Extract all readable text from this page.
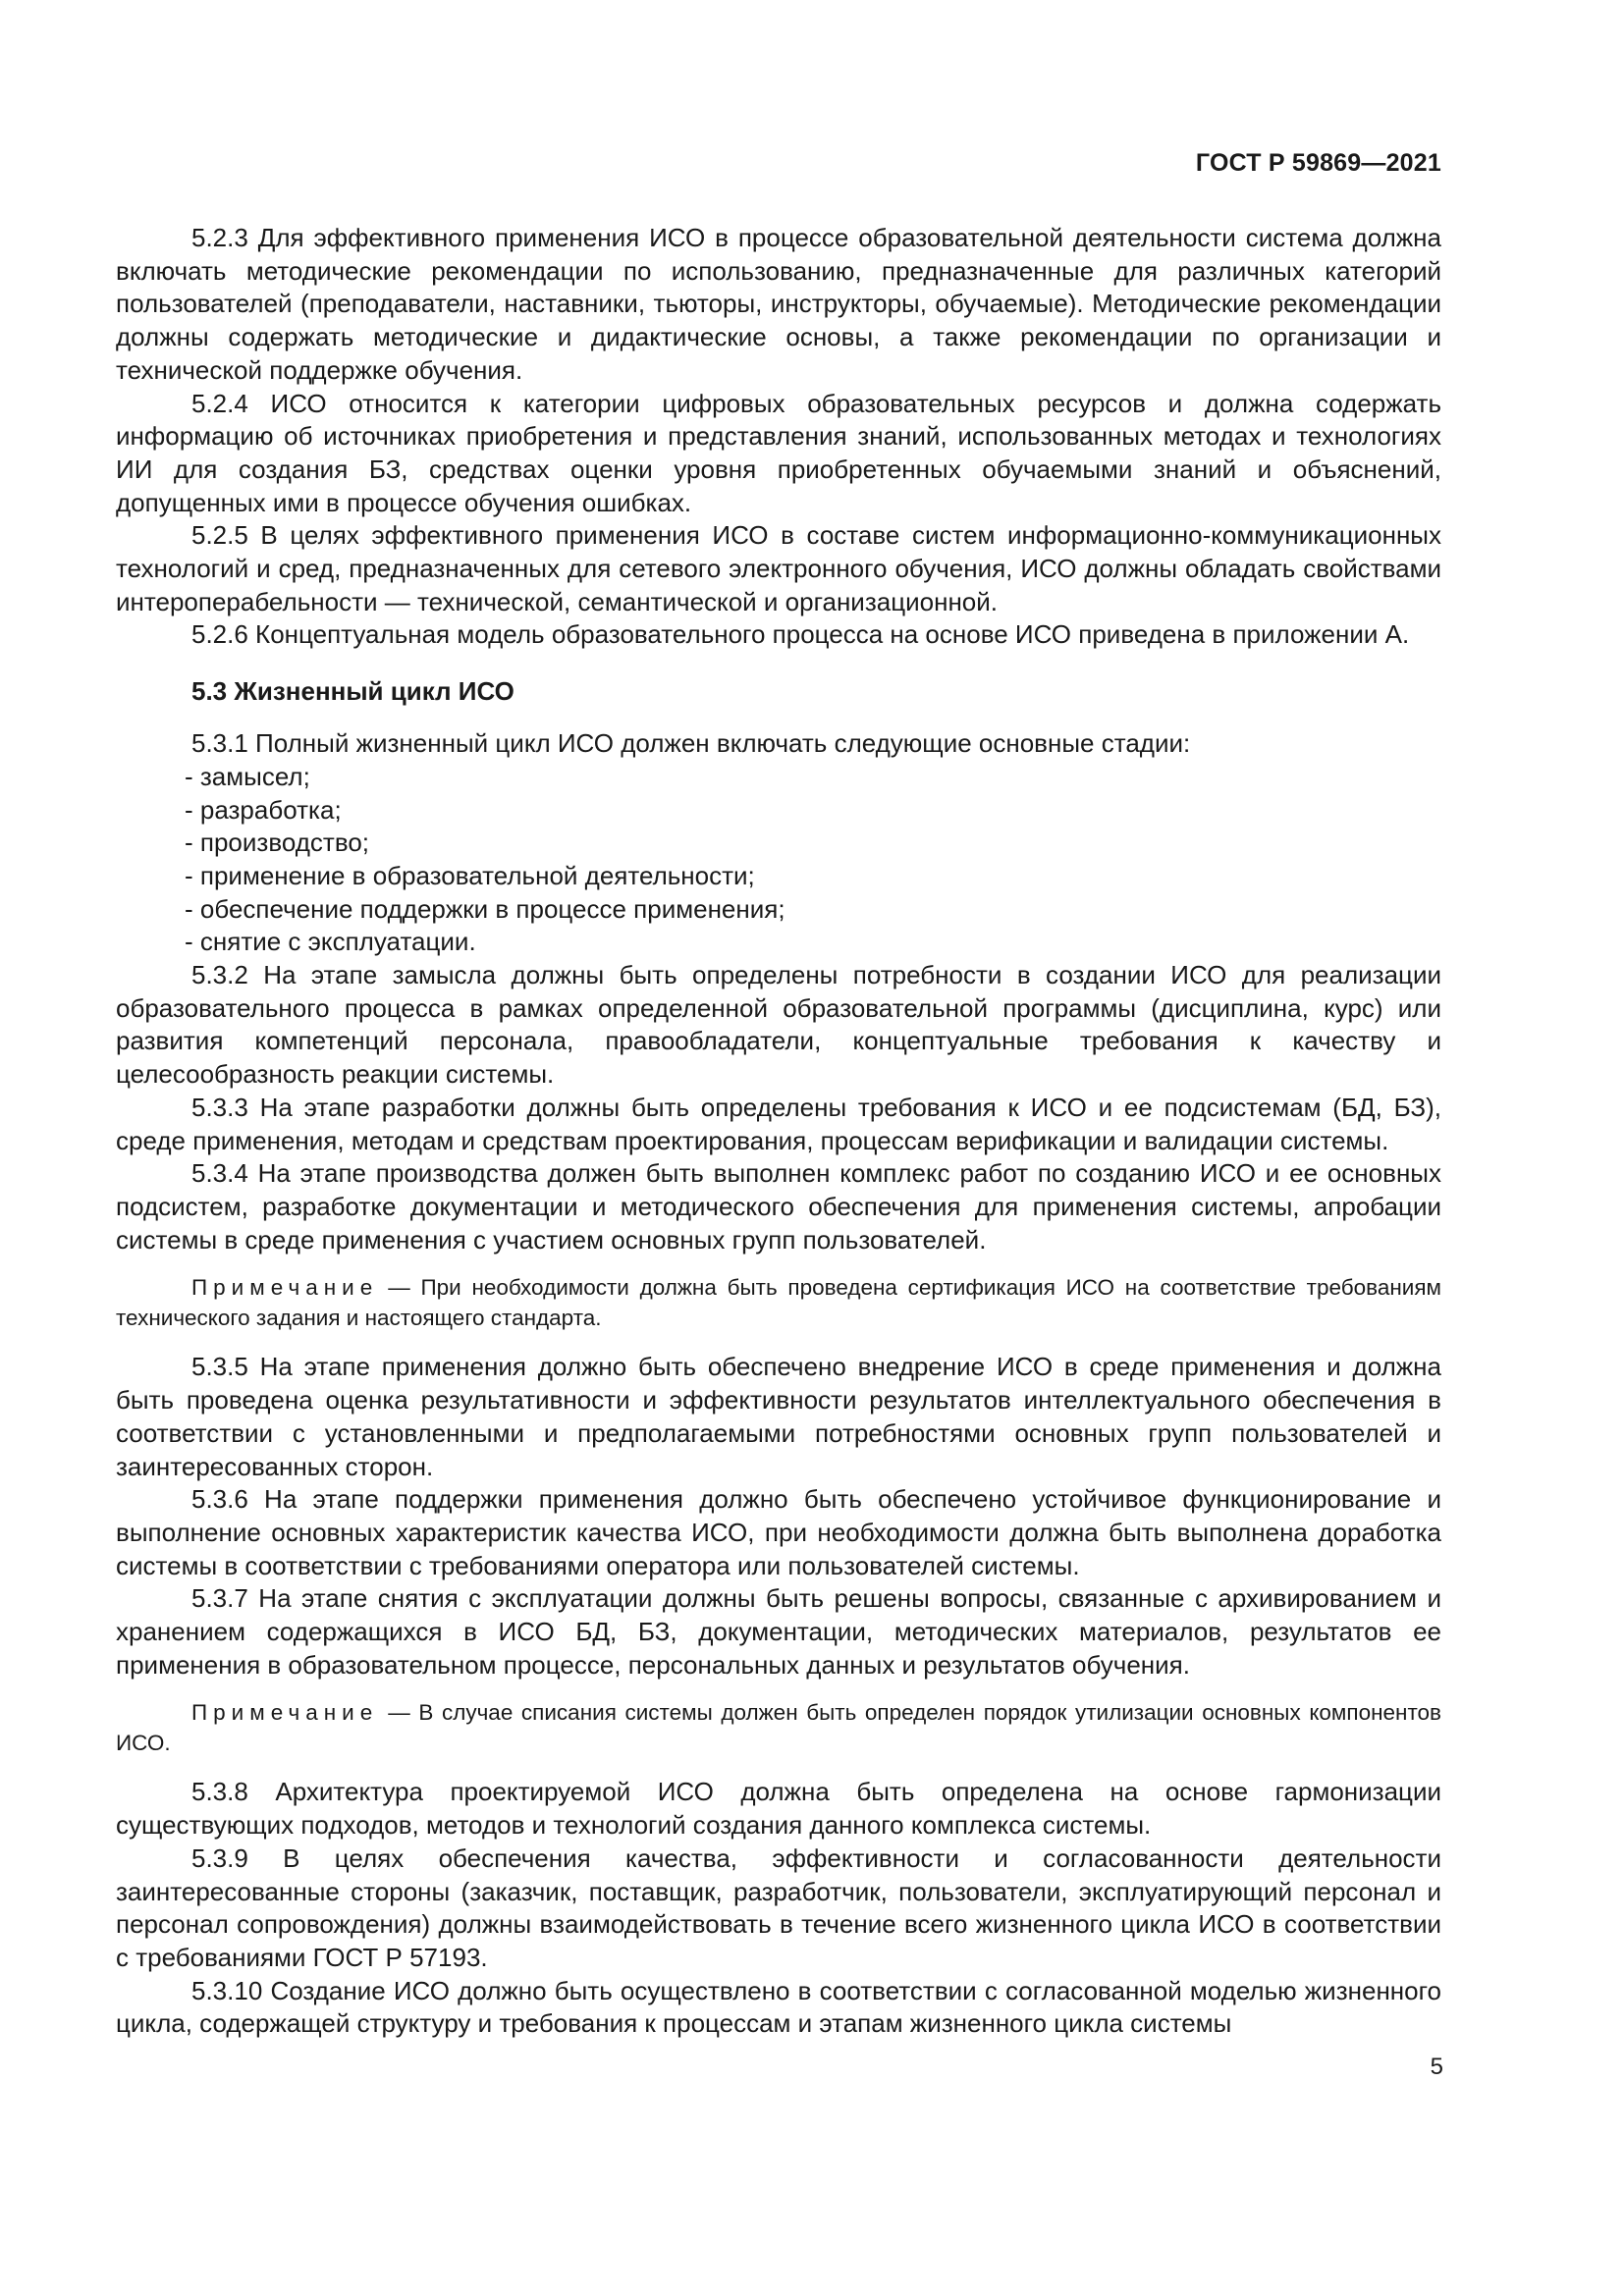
ГОСТ Р 59869—2021

5.2.3 Для эффективного применения ИСО в процессе образовательной деятельности система должна включать методические рекомендации по использованию, предназначенные для различных категорий пользователей (преподаватели, наставники, тьюторы, инструкторы, обучаемые). Методические рекомендации должны содержать методические и дидактические основы, а также рекомендации по организации и технической поддержке обучения.

5.2.4 ИСО относится к категории цифровых образовательных ресурсов и должна содержать информацию об источниках приобретения и представления знаний, использованных методах и технологиях ИИ для создания БЗ, средствах оценки уровня приобретенных обучаемыми знаний и объяснений, допущенных ими в процессе обучения ошибках.

5.2.5 В целях эффективного применения ИСО в составе систем информационно-коммуникационных технологий и сред, предназначенных для сетевого электронного обучения, ИСО должны обладать свойствами интероперабельности — технической, семантической и организационной.

5.2.6 Концептуальная модель образовательного процесса на основе ИСО приведена в приложении А.

5.3 Жизненный цикл ИСО

5.3.1 Полный жизненный цикл ИСО должен включать следующие основные стадии:

- замысел;

- разработка;

- производство;

- применение в образовательной деятельности;

- обеспечение поддержки в процессе применения;

- снятие с эксплуатации.

5.3.2 На этапе замысла должны быть определены потребности в создании ИСО для реализации образовательного процесса в рамках определенной образовательной программы (дисциплина, курс) или развития компетенций персонала, правообладатели, концептуальные требования к качеству и целесообразность реакции системы.

5.3.3 На этапе разработки должны быть определены требования к ИСО и ее подсистемам (БД, БЗ), среде применения, методам и средствам проектирования, процессам верификации и валидации системы.

5.3.4 На этапе производства должен быть выполнен комплекс работ по созданию ИСО и ее основных подсистем, разработке документации и методического обеспечения для применения системы, апробации системы в среде применения с участием основных групп пользователей.

Примечание — При необходимости должна быть проведена сертификация ИСО на соответствие требованиям технического задания и настоящего стандарта.

5.3.5 На этапе применения должно быть обеспечено внедрение ИСО в среде применения и должна быть проведена оценка результативности и эффективности результатов интеллектуального обеспечения в соответствии с установленными и предполагаемыми потребностями основных групп пользователей и заинтересованных сторон.

5.3.6 На этапе поддержки применения должно быть обеспечено устойчивое функционирование и выполнение основных характеристик качества ИСО, при необходимости должна быть выполнена доработка системы в соответствии с требованиями оператора или пользователей системы.

5.3.7 На этапе снятия с эксплуатации должны быть решены вопросы, связанные с архивированием и хранением содержащихся в ИСО БД, БЗ, документации, методических материалов, результатов ее применения в образовательном процессе, персональных данных и результатов обучения.

Примечание — В случае списания системы должен быть определен порядок утилизации основных компонентов ИСО.

5.3.8 Архитектура проектируемой ИСО должна быть определена на основе гармонизации существующих подходов, методов и технологий создания данного комплекса системы.

5.3.9 В целях обеспечения качества, эффективности и согласованности деятельности заинтересованные стороны (заказчик, поставщик, разработчик, пользователи, эксплуатирующий персонал и персонал сопровождения) должны взаимодействовать в течение всего жизненного цикла ИСО в соответствии с требованиями ГОСТ Р 57193.

5.3.10 Создание ИСО должно быть осуществлено в соответствии с согласованной моделью жизненного цикла, содержащей структуру и требования к процессам и этапам жизненного цикла системы

5
